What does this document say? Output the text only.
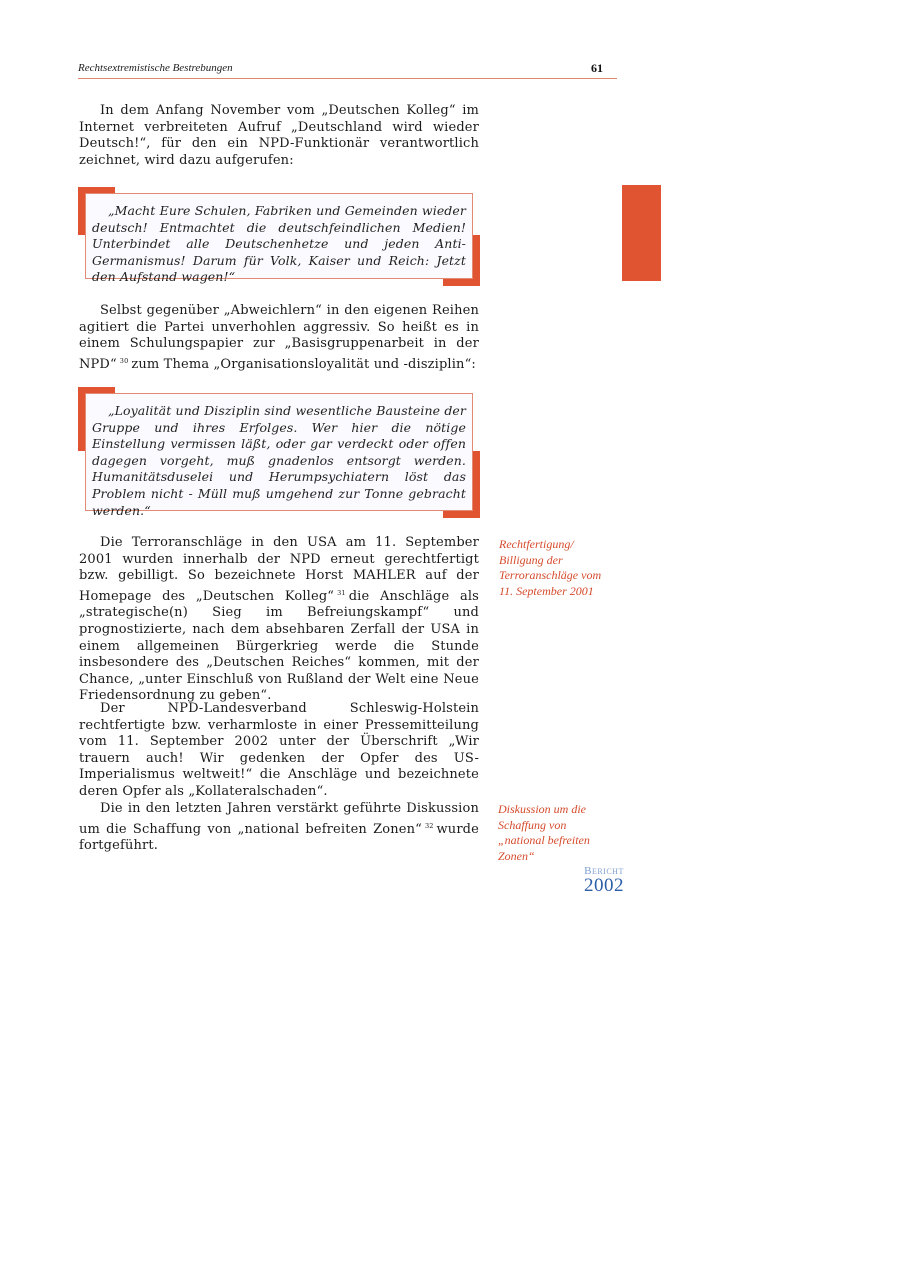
Rechtsextremistische Bestrebungen	61

In dem Anfang November vom „Deutschen Kolleg“ im Internet verbreiteten Aufruf „Deutschland wird wieder Deutsch!“, für den ein NPD-Funktionär verantwortlich zeichnet, wird dazu aufgerufen:

„Macht Eure Schulen, Fabriken und Gemeinden wieder deutsch! Entmachtet die deutschfeindlichen Medien! Unterbindet alle Deutschenhetze und jeden Anti-Germanismus! Darum für Volk, Kaiser und Reich: Jetzt den Aufstand wagen!“

Selbst gegenüber „Abweichlern“ in den eigenen Reihen agitiert die Partei unverhohlen aggressiv. So heißt es in einem Schulungspapier zur „Basisgruppenarbeit in der NPD“ $^{30}$ zum Thema „Organisationsloyalität und -disziplin“:

„Loyalität und Disziplin sind wesentliche Bausteine der Gruppe und ihres Erfolges. Wer hier die nötige Einstellung vermissen läßt, oder gar verdeckt oder offen dagegen vorgeht, muß gnadenlos entsorgt werden. Humanitätsduselei und Herumpsychiatern löst das Problem nicht - Müll muß umgehend zur Tonne gebracht werden.“

Die Terroranschläge in den USA am 11. September 2001 wurden innerhalb der NPD erneut gerechtfertigt bzw. gebilligt. So bezeichnete Horst MAHLER auf der Homepage des „Deutschen Kolleg“ $^{31}$ die Anschläge als „strategische(n) Sieg im Befreiungskampf“ und prognostizierte, nach dem absehbaren Zerfall der USA in einem allgemeinen Bürgerkrieg werde die Stunde insbesondere des „Deutschen Reiches“ kommen, mit der Chance, „unter Einschluß von Rußland der Welt eine Neue Friedensordnung zu geben“.

Der NPD-Landesverband Schleswig-Holstein rechtfertigte bzw. verharmloste in einer Pressemitteilung vom 11. September 2002 unter der Überschrift „Wir trauern auch! Wir gedenken der Opfer des US-Imperialismus weltweit!“ die Anschläge und bezeichnete deren Opfer als „Kollateralschaden“.

Die in den letzten Jahren verstärkt geführte Diskussion um die Schaffung von „national befreiten Zonen“ $^{32}$ wurde fortgeführt.

Rechtfertigung/
Billigung der
Terroranschläge vom
11. September 2001

Diskussion um die
Schaffung von
„national befreiten
Zonen“

Bericht
2002
